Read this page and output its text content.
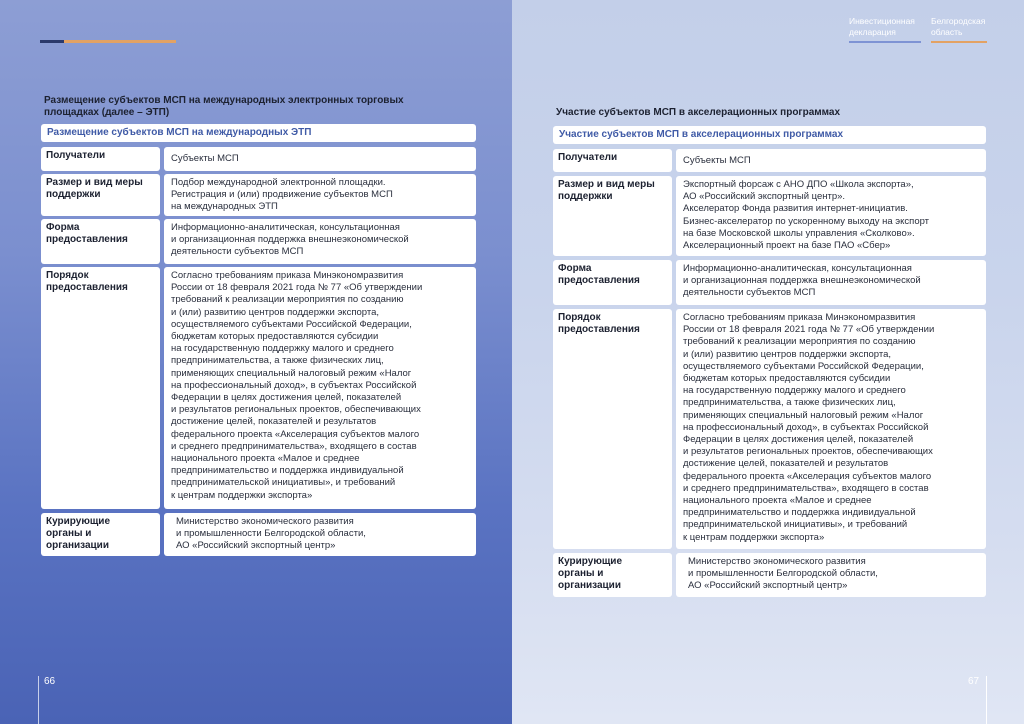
Размещение субъектов МСП на международных электронных торговых площадках (далее – ЭТП)
Размещение субъектов МСП на международных ЭТП
Получатели	Субъекты МСП
Размер и вид меры поддержки
Подбор международной электронной площадки.
Регистрация и (или) продвижение субъектов МСП
на международных ЭТП
Форма предоставления
Информационно-аналитическая, консультационная
и организационная поддержка внешнеэкономической
деятельности субъектов МСП
Порядок предоставления
Согласно требованиям приказа Минэкономразвития
России от 18 февраля 2021 года № 77 «Об утверждении
требований к реализации мероприятия по созданию
и (или) развитию центров поддержки экспорта,
осуществляемого субъектами Российской Федерации,
бюджетам которых предоставляются субсидии
на государственную поддержку малого и среднего
предпринимательства, а также физических лиц,
применяющих специальный налоговый режим «Налог
на профессиональный доход», в субъектах Российской
Федерации в целях достижения целей, показателей
и результатов региональных проектов, обеспечивающих
достижение целей, показателей и результатов
федерального проекта «Акселерация субъектов малого
и среднего предпринимательства», входящего в состав
национального проекта «Малое и среднее
предпринимательство и поддержка индивидуальной
предпринимательской инициативы», и требований
к центрам поддержки экспорта»
Курирующие органы и организации
Министерство экономического развития
и промышленности Белгородской области,
АО «Российский экспортный центр»
66
Инвестиционная декларация
Белгородская область
Участие субъектов МСП в акселерационных программах
Участие субъектов МСП в акселерационных программах
Получатели	Субъекты МСП
Размер и вид меры поддержки
Экспортный форсаж с АНО ДПО «Школа экспорта»,
АО «Российский экспортный центр».
Акселератор Фонда развития интернет-инициатив.
Бизнес-акселератор по ускоренному выходу на экспорт
на базе Московской школы управления «Сколково».
Акселерационный проект на базе ПАО «Сбер»
Форма предоставления
Информационно-аналитическая, консультационная
и организационная поддержка внешнеэкономической
деятельности субъектов МСП
Порядок предоставления
Согласно требованиям приказа Минэкономразвития
России от 18 февраля 2021 года № 77 «Об утверждении
требований к реализации мероприятия по созданию
и (или) развитию центров поддержки экспорта,
осуществляемого субъектами Российской Федерации,
бюджетам которых предоставляются субсидии
на государственную поддержку малого и среднего
предпринимательства, а также физических лиц,
применяющих специальный налоговый режим «Налог
на профессиональный доход», в субъектах Российской
Федерации в целях достижения целей, показателей
и результатов региональных проектов, обеспечивающих
достижение целей, показателей и результатов
федерального проекта «Акселерация субъектов малого
и среднего предпринимательства», входящего в состав
национального проекта «Малое и среднее
предпринимательство и поддержка индивидуальной
предпринимательской инициативы», и требований
к центрам поддержки экспорта»
Курирующие органы и организации
Министерство экономического развития
и промышленности Белгородской области,
АО «Российский экспортный центр»
67
